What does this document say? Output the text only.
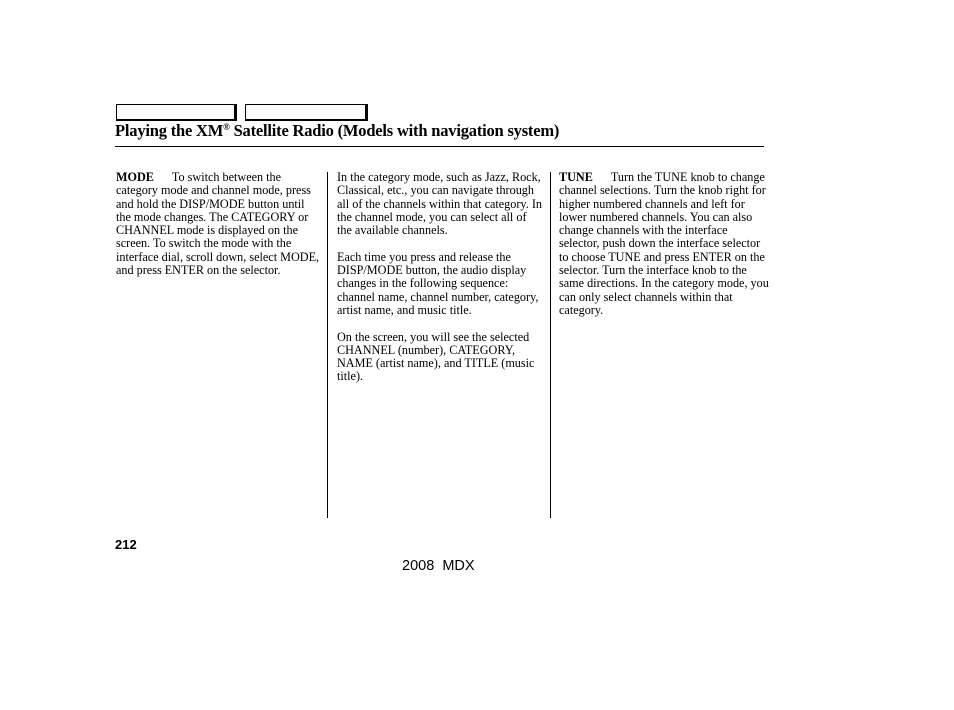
Playing the XM® Satellite Radio (Models with navigation system)

MODE To switch between the category mode and channel mode, press and hold the DISP/MODE button until the mode changes. The CATEGORY or CHANNEL mode is displayed on the screen. To switch the mode with the interface dial, scroll down, select MODE, and press ENTER on the selector.

In the category mode, such as Jazz, Rock, Classical, etc., you can navigate through all of the channels within that category. In the channel mode, you can select all of the available channels.

Each time you press and release the DISP/MODE button, the audio display changes in the following sequence: channel name, channel number, category, artist name, and music title.

On the screen, you will see the selected CHANNEL (number), CATEGORY, NAME (artist name), and TITLE (music title).

TUNE Turn the TUNE knob to change channel selections. Turn the knob right for higher numbered channels and left for lower numbered channels. You can also change channels with the interface selector, push down the interface selector to choose TUNE and press ENTER on the selector. Turn the interface knob to the same directions. In the category mode, you can only select channels within that category.

212
2008  MDX
